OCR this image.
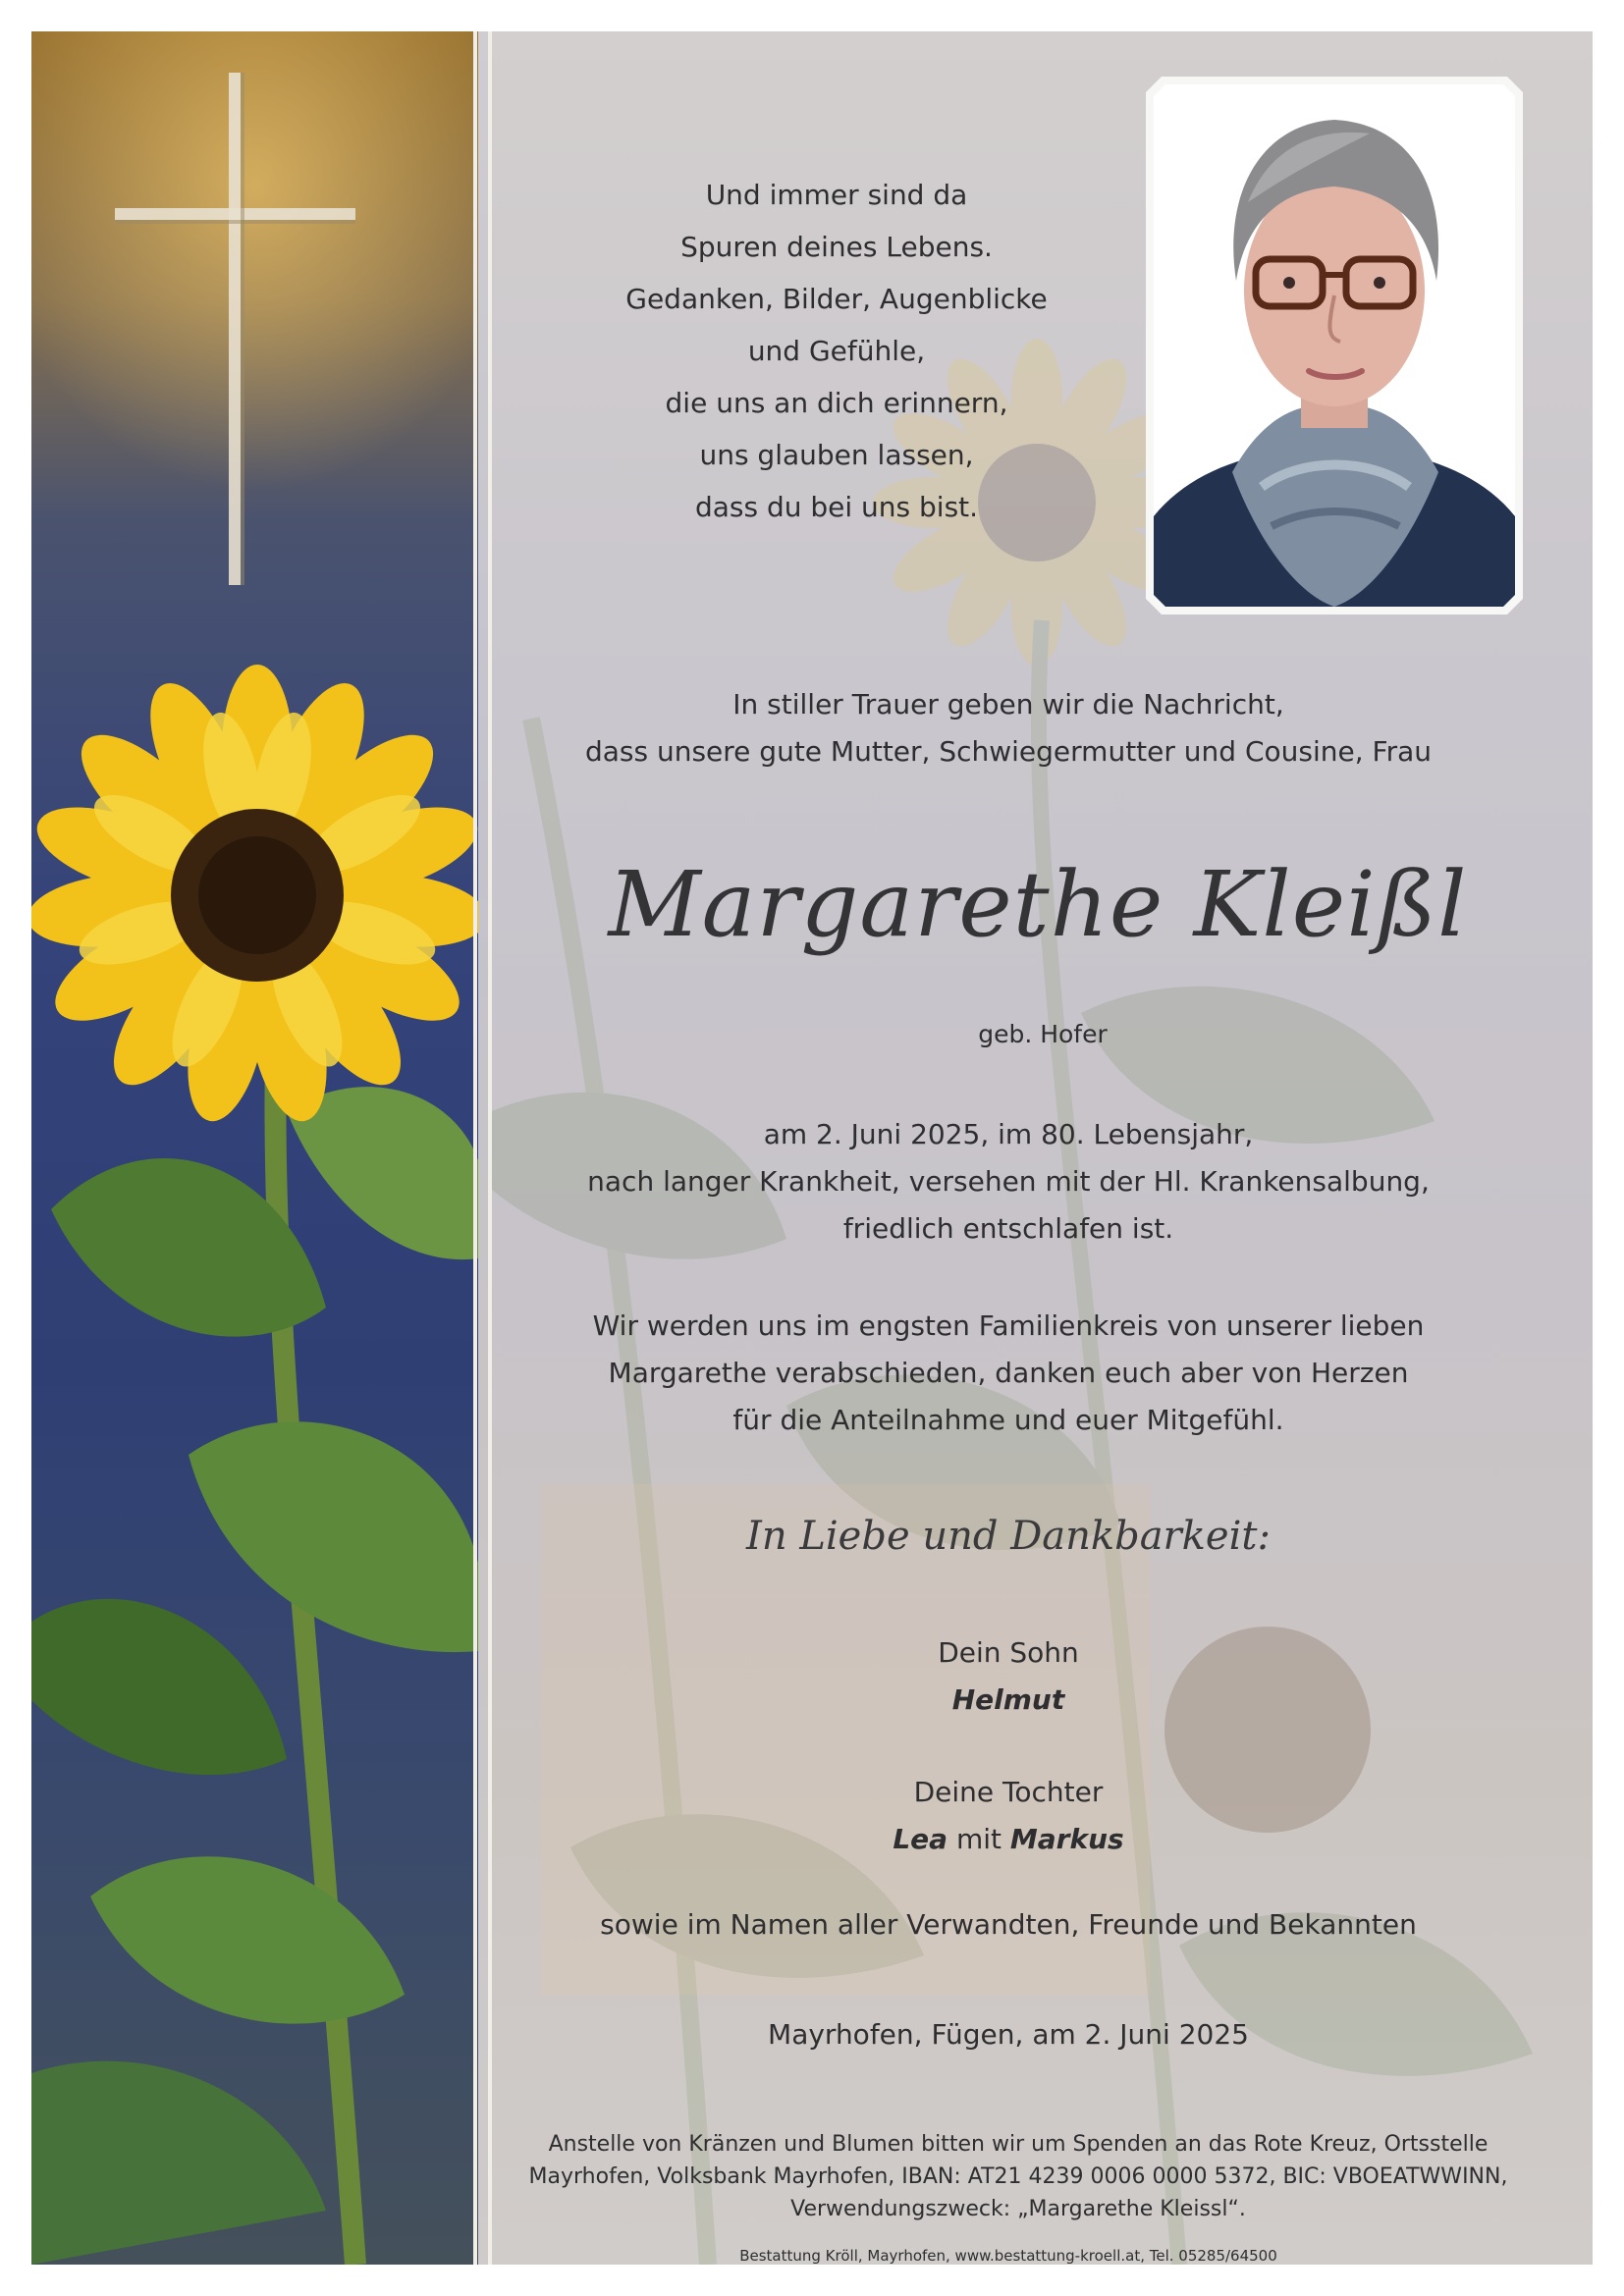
Und immer sind da
Spuren deines Lebens.
Gedanken, Bilder, Augenblicke
und Gefühle,
die uns an dich erinnern,
uns glauben lassen,
dass du bei uns bist.
In stiller Trauer geben wir die Nachricht,
dass unsere gute Mutter, Schwiegermutter und Cousine, Frau
Margarethe Kleißl
geb. Hofer
am 2. Juni 2025, im 80. Lebensjahr,
nach langer Krankheit, versehen mit der Hl. Krankensalbung,
friedlich entschlafen ist.
Wir werden uns im engsten Familienkreis von unserer lieben
Margarethe verabschieden, danken euch aber von Herzen
für die Anteilnahme und euer Mitgefühl.
In Liebe und Dankbarkeit:
Dein Sohn
Helmut
Deine Tochter
Lea mit Markus
sowie im Namen aller Verwandten, Freunde und Bekannten
Mayrhofen, Fügen, am 2. Juni 2025
Anstelle von Kränzen und Blumen bitten wir um Spenden an das Rote Kreuz, Ortsstelle
Mayrhofen, Volksbank Mayrhofen, IBAN: AT21 4239 0006 0000 5372, BIC: VBOEATWWINN,
Verwendungszweck: „Margarethe Kleissl“.
Bestattung Kröll, Mayrhofen, www.bestattung-kroell.at, Tel. 05285/64500
